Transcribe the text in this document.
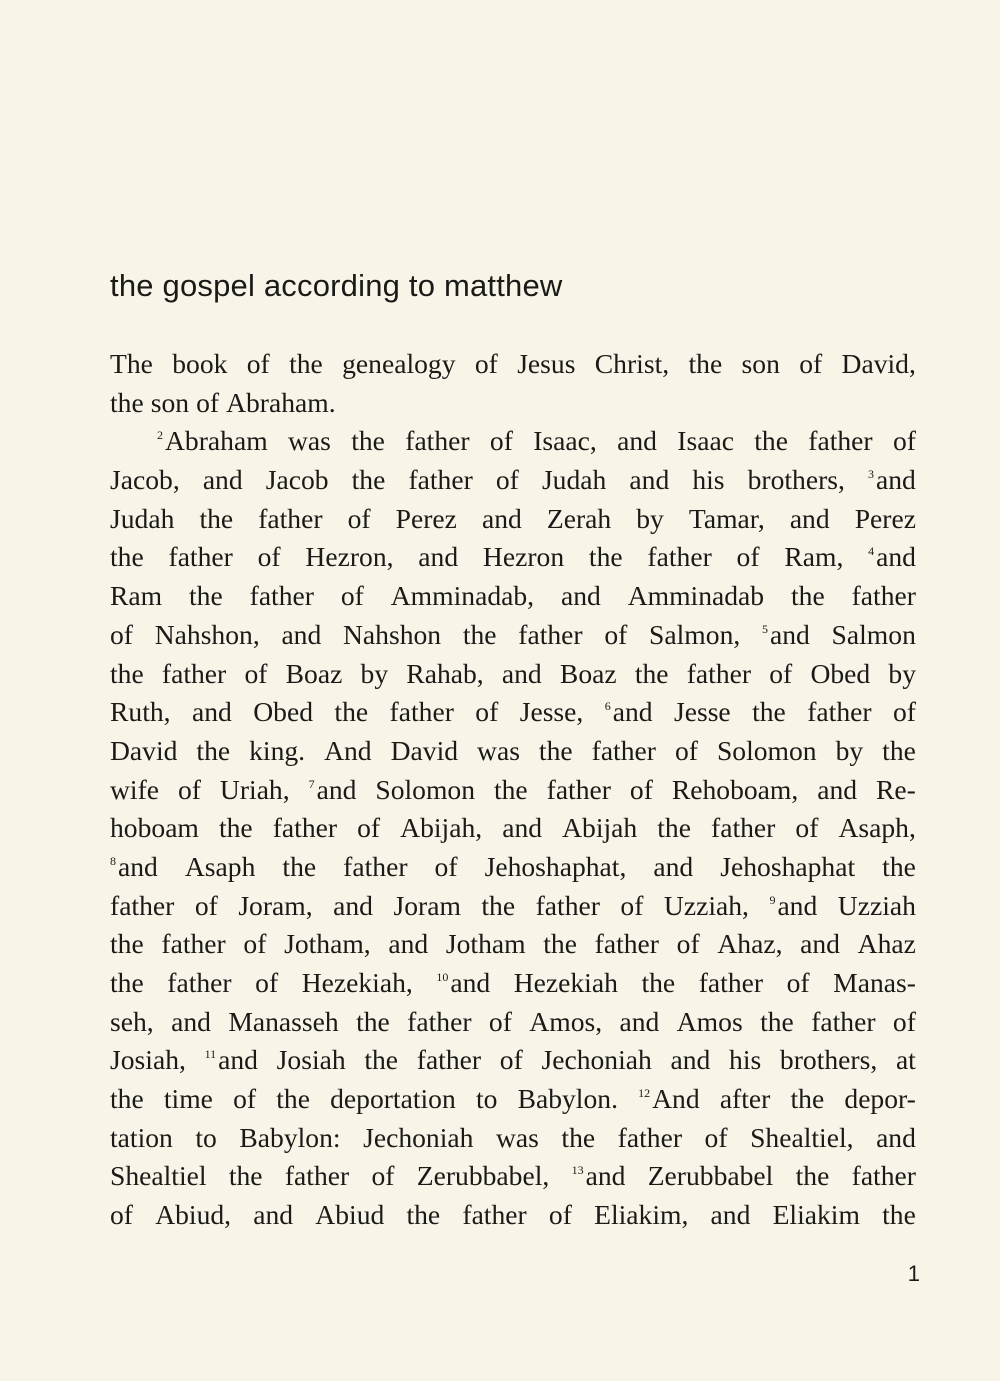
the gospel according to matthew
The book of the genealogy of Jesus Christ, the son of David,
the son of Abraham.
$^2$Abraham was the father of Isaac, and Isaac the father of
Jacob, and Jacob the father of Judah and his brothers, $^3$and
Judah the father of Perez and Zerah by Tamar, and Perez
the father of Hezron, and Hezron the father of Ram, $^4$and
Ram the father of Amminadab, and Amminadab the father
of Nahshon, and Nahshon the father of Salmon, $^5$and Salmon
the father of Boaz by Rahab, and Boaz the father of Obed by
Ruth, and Obed the father of Jesse, $^6$and Jesse the father of
David the king. And David was the father of Solomon by the
wife of Uriah, $^7$and Solomon the father of Rehoboam, and Re-
hoboam the father of Abijah, and Abijah the father of Asaph,
$^8$and Asaph the father of Jehoshaphat, and Jehoshaphat the
father of Joram, and Joram the father of Uzziah, $^9$and Uzziah
the father of Jotham, and Jotham the father of Ahaz, and Ahaz
the father of Hezekiah, $^{10}$and Hezekiah the father of Manas-
seh, and Manasseh the father of Amos, and Amos the father of
Josiah, $^{11}$and Josiah the father of Jechoniah and his brothers, at
the time of the deportation to Babylon. $^{12}$And after the depor-
tation to Babylon: Jechoniah was the father of Shealtiel, and
Shealtiel the father of Zerubbabel, $^{13}$and Zerubbabel the father
of Abiud, and Abiud the father of Eliakim, and Eliakim the
1
